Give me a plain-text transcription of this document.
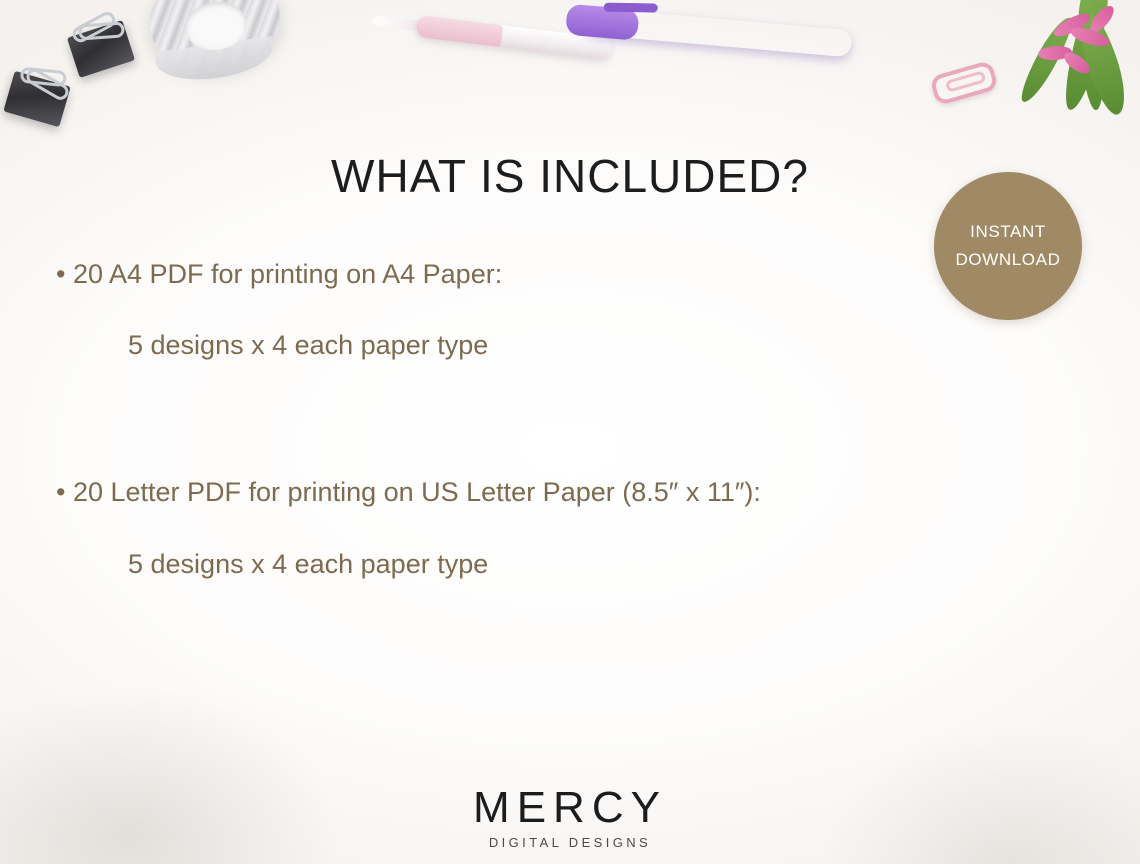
WHAT IS INCLUDED?
INSTANT
DOWNLOAD

• 20 A4 PDF for printing on A4 Paper:

5 designs x 4 each paper type

• 20 Letter PDF for printing on US Letter Paper (8.5″ x 11″):

5 designs x 4 each paper type

MERCY
DIGITAL DESIGNS
